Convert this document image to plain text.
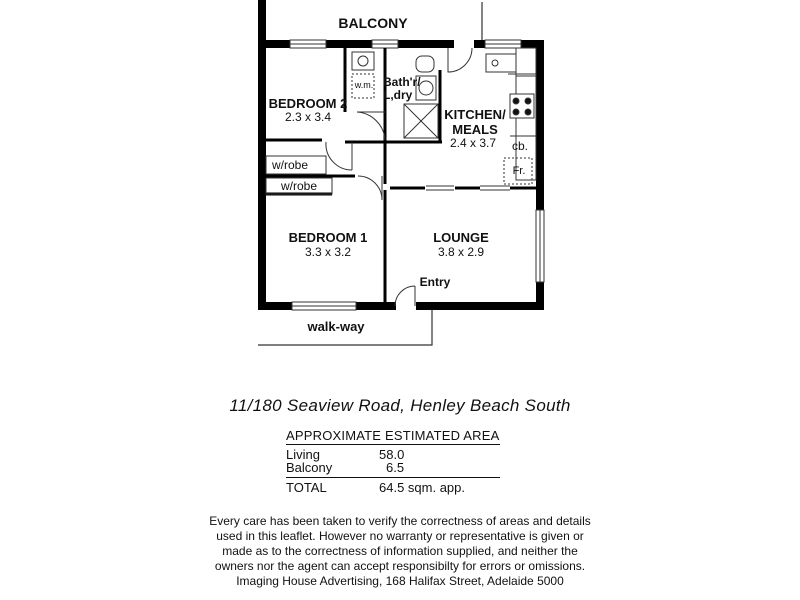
BALCONY
BEDROOM 2
2.3 x 3.4
w.m. Bath'r/
L,dry
KITCHEN/
MEALS
2.4 x 3.7 cb.
Fr.
w/robe
w/robe
BEDROOM 1
3.3 x 3.2
LOUNGE
3.8 x 2.9
Entry
walk-way
11/180 Seaview Road, Henley Beach South
APPROXIMATE ESTIMATED AREA
Living	58.0
Balcony	6.5
TOTAL	64.5 sqm. app.
Every care has been taken to verify the correctness of areas and details
used in this leaflet. However no warranty or representative is given or
made as to the correctness of information supplied, and neither the
owners nor the agent can accept responsibilty for errors or omissions.
Imaging House Advertising, 168 Halifax Street, Adelaide 5000
